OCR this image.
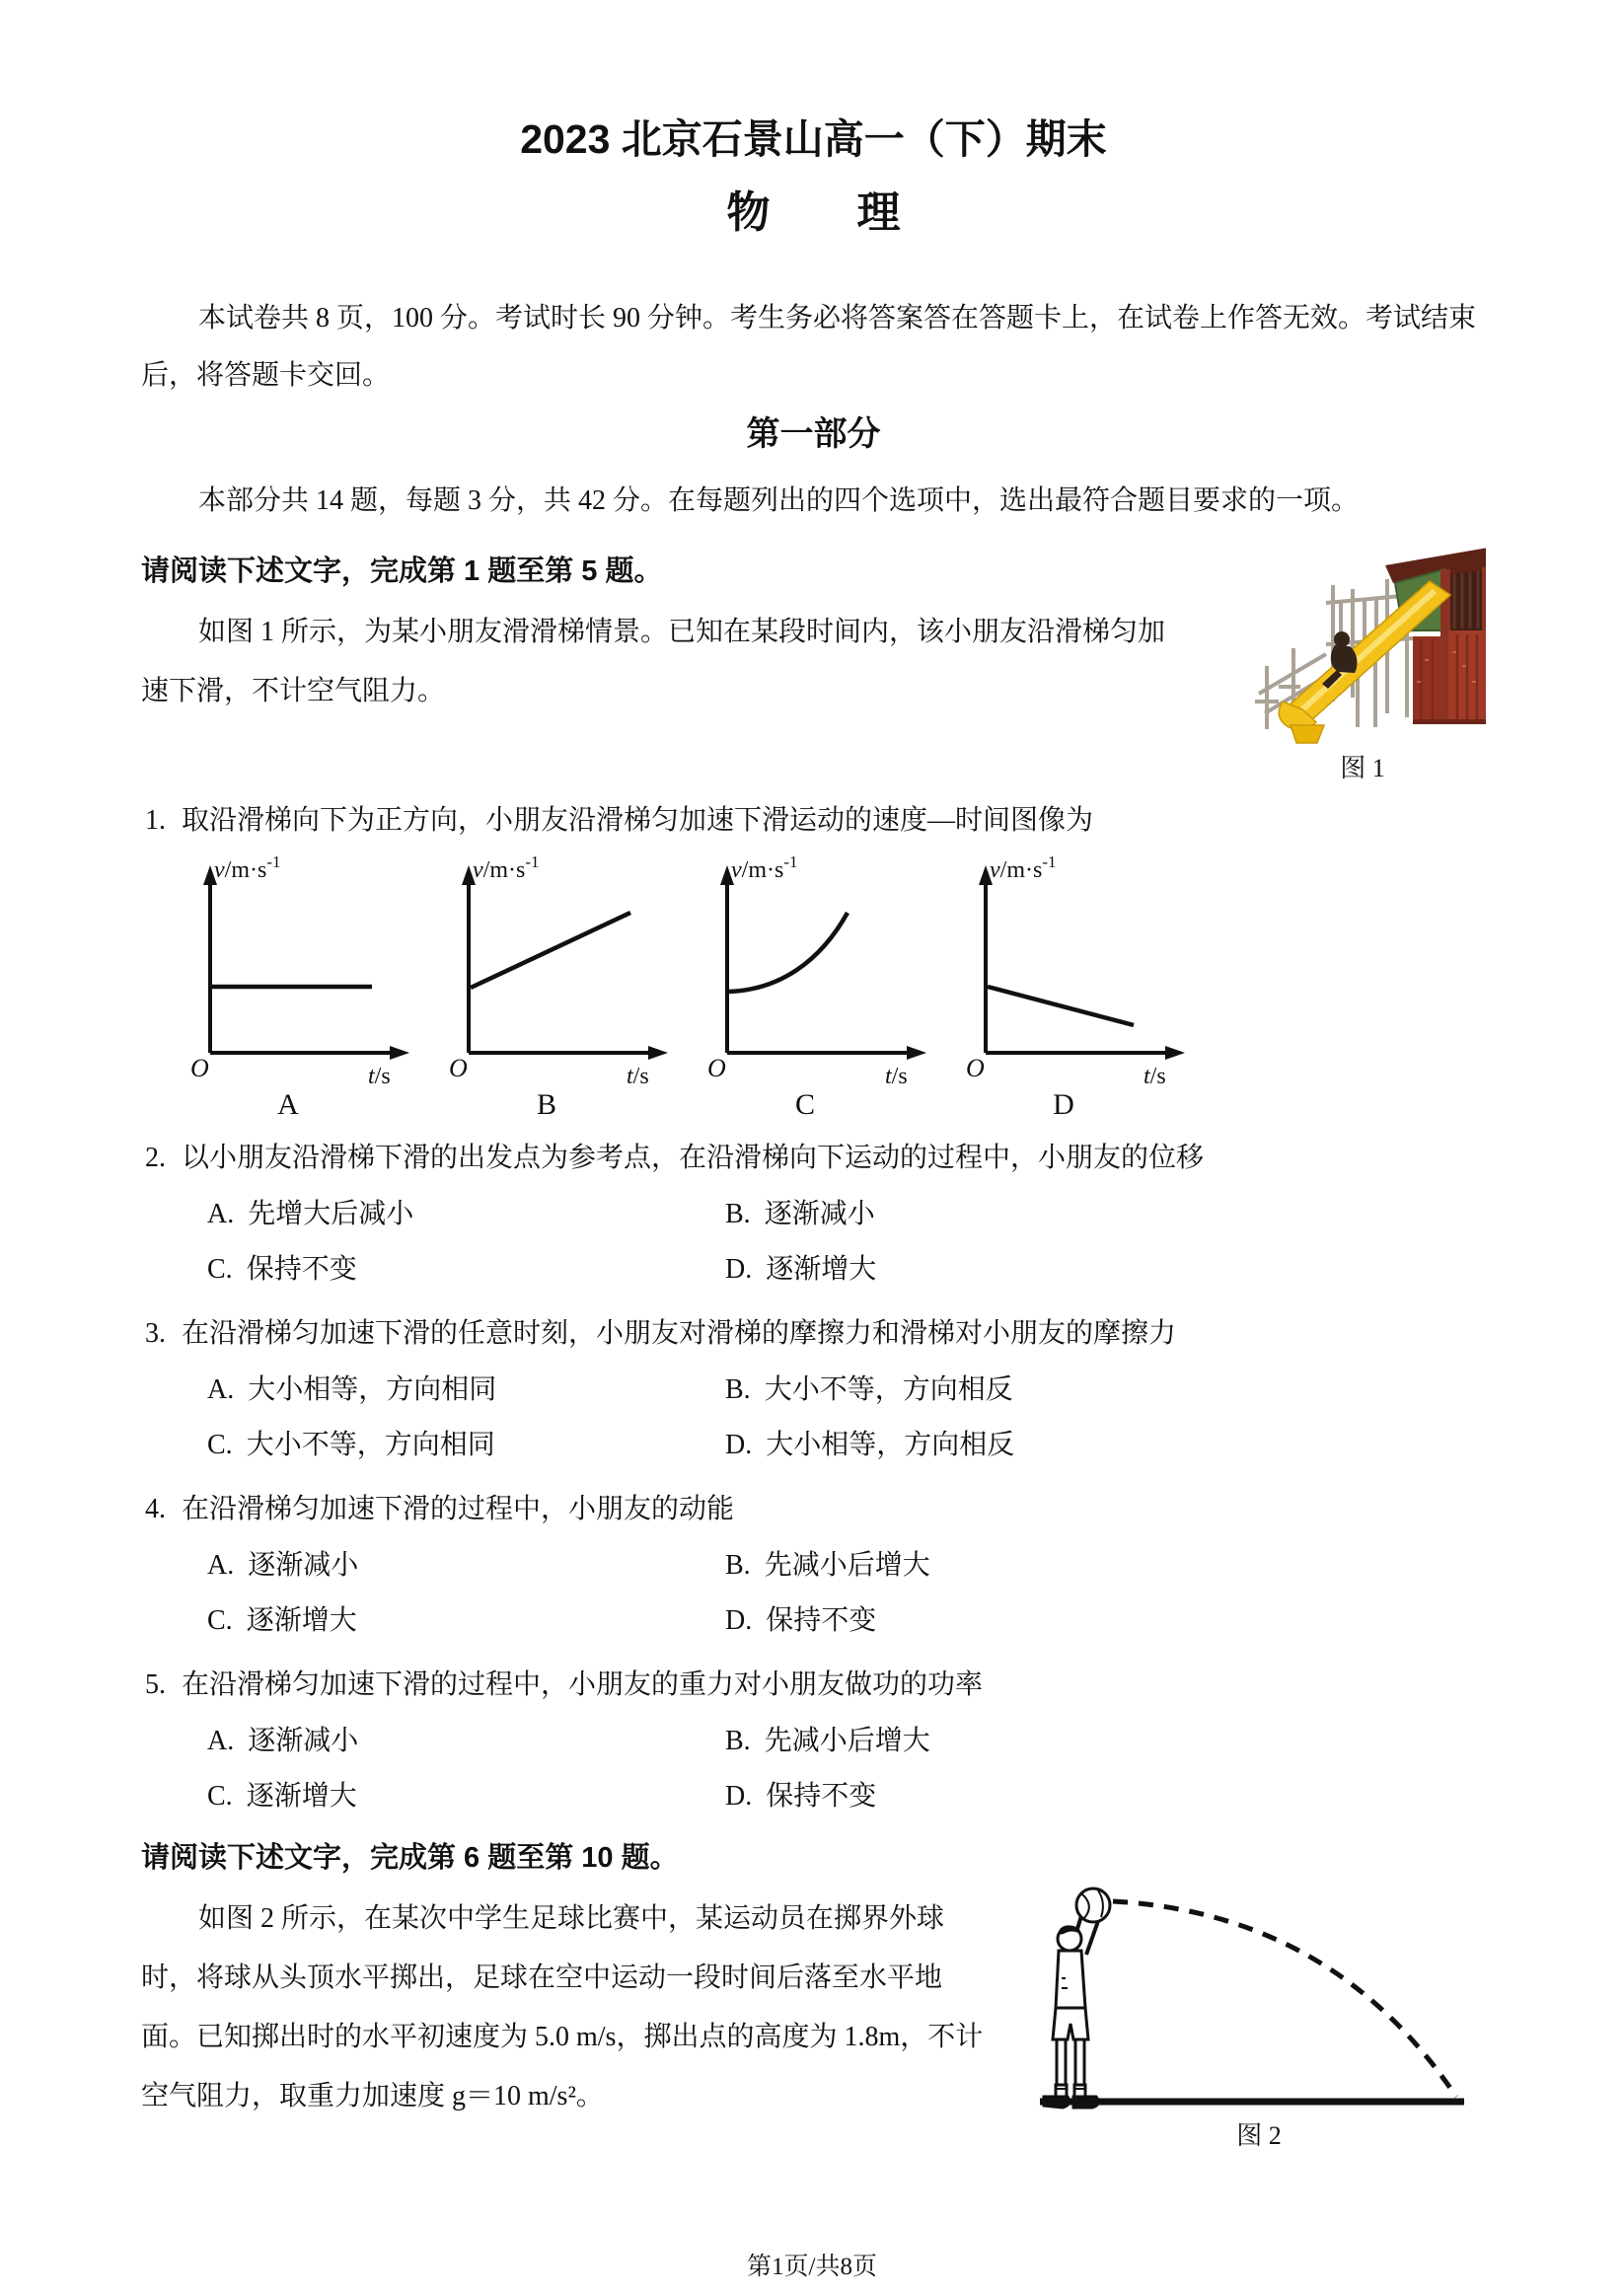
2023 北京石景山高一（下）期末
物　　理

本试卷共 8 页，100 分。考试时长 90 分钟。考生务必将答案答在答题卡上，在试卷上作答无效。考试结束后，将答题卡交回。

第一部分

本部分共 14 题，每题 3 分，共 42 分。在每题列出的四个选项中，选出最符合题目要求的一项。

请阅读下述文字，完成第 1 题至第 5 题。

如图 1 所示，为某小朋友滑滑梯情景。已知在某段时间内，该小朋友沿滑梯匀加速下滑，不计空气阻力。

图 1
1. 取沿滑梯向下为正方向，小朋友沿滑梯匀加速下滑运动的速度—时间图像为
$v/m\cdot s^{-1}$
O	t/s
A
$v/m\cdot s^{-1}$
O	t/s
B
$v/m\cdot s^{-1}$
O	t/s
C
$v/m\cdot s^{-1}$
O	t/s
D
2. 以小朋友沿滑梯下滑的出发点为参考点，在沿滑梯向下运动的过程中，小朋友的位移
A. 先增大后减小	B. 逐渐减小
C. 保持不变	D. 逐渐增大
3. 在沿滑梯匀加速下滑的任意时刻，小朋友对滑梯的摩擦力和滑梯对小朋友的摩擦力
A. 大小相等，方向相同	B. 大小不等，方向相反
C. 大小不等，方向相同	D. 大小相等，方向相反
4. 在沿滑梯匀加速下滑的过程中，小朋友的动能
A. 逐渐减小	B. 先减小后增大
C. 逐渐增大	D. 保持不变
5. 在沿滑梯匀加速下滑的过程中，小朋友的重力对小朋友做功的功率
A. 逐渐减小	B. 先减小后增大
C. 逐渐增大	D. 保持不变

请阅读下述文字，完成第 6 题至第 10 题。

如图 2 所示，在某次中学生足球比赛中，某运动员在掷界外球时，将球从头顶水平掷出，足球在空中运动一段时间后落至水平地面。已知掷出时的水平初速度为 5.0 m/s，掷出点的高度为 1.8m，不计空气阻力，取重力加速度 g＝10 m/s²。

图 2
第1页/共8页
